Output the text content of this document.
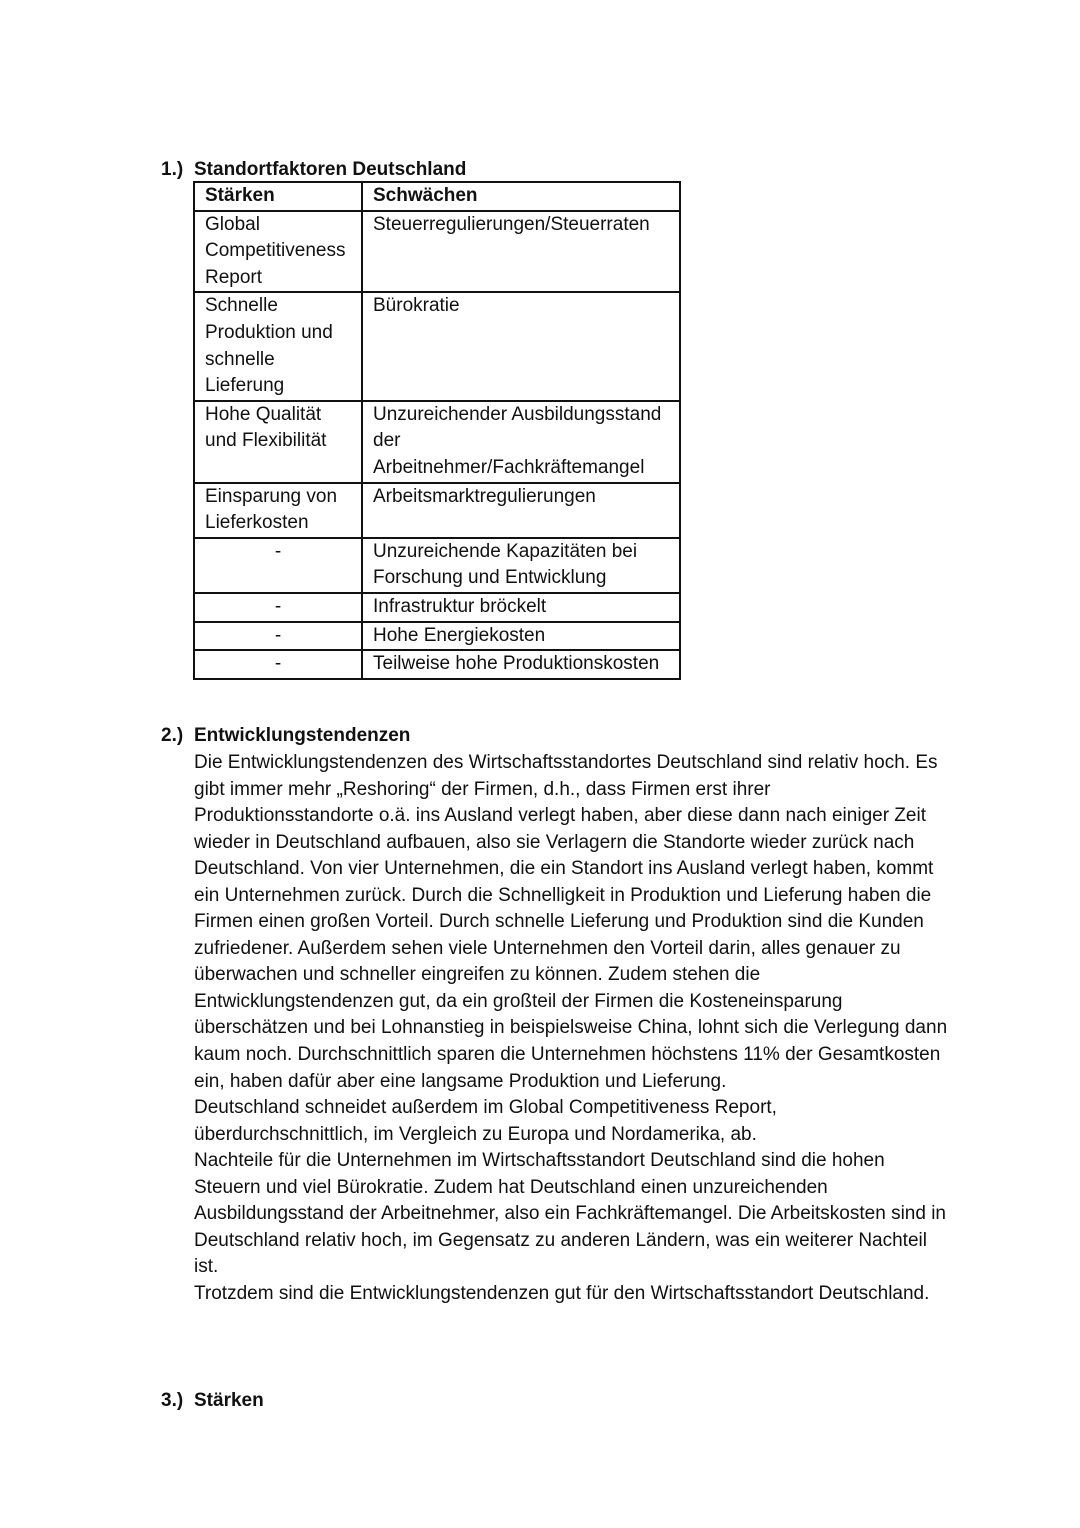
1.) Standortfaktoren Deutschland
Stärken	Schwächen
Global Competitiveness Report	Steuerregulierungen/Steuerraten
Schnelle Produktion und schnelle Lieferung	Bürokratie
Hohe Qualität und Flexibilität	Unzureichender Ausbildungsstand der Arbeitnehmer/Fachkräftemangel
Einsparung von Lieferkosten	Arbeitsmarktregulierungen
-	Unzureichende Kapazitäten bei Forschung und Entwicklung
-	Infrastruktur bröckelt
-	Hohe Energiekosten
-	Teilweise hohe Produktionskosten
2.) Entwicklungstendenzen

Die Entwicklungstendenzen des Wirtschaftsstandortes Deutschland sind relativ hoch. Es gibt immer mehr „Reshoring“ der Firmen, d.h., dass Firmen erst ihrer Produktionsstandorte o.ä. ins Ausland verlegt haben, aber diese dann nach einiger Zeit wieder in Deutschland aufbauen, also sie Verlagern die Standorte wieder zurück nach Deutschland. Von vier Unternehmen, die ein Standort ins Ausland verlegt haben, kommt ein Unternehmen zurück. Durch die Schnelligkeit in Produktion und Lieferung haben die Firmen einen großen Vorteil. Durch schnelle Lieferung und Produktion sind die Kunden zufriedener. Außerdem sehen viele Unternehmen den Vorteil darin, alles genauer zu überwachen und schneller eingreifen zu können. Zudem stehen die Entwicklungstendenzen gut, da ein großteil der Firmen die Kosteneinsparung überschätzen und bei Lohnanstieg in beispielsweise China, lohnt sich die Verlegung dann kaum noch. Durchschnittlich sparen die Unternehmen höchstens 11% der Gesamtkosten ein, haben dafür aber eine langsame Produktion und Lieferung.

Deutschland schneidet außerdem im Global Competitiveness Report, überdurchschnittlich, im Vergleich zu Europa und Nordamerika, ab.

Nachteile für die Unternehmen im Wirtschaftsstandort Deutschland sind die hohen Steuern und viel Bürokratie. Zudem hat Deutschland einen unzureichenden Ausbildungsstand der Arbeitnehmer, also ein Fachkräftemangel. Die Arbeitskosten sind in Deutschland relativ hoch, im Gegensatz zu anderen Ländern, was ein weiterer Nachteil ist.

Trotzdem sind die Entwicklungstendenzen gut für den Wirtschaftsstandort Deutschland.

3.) Stärken
